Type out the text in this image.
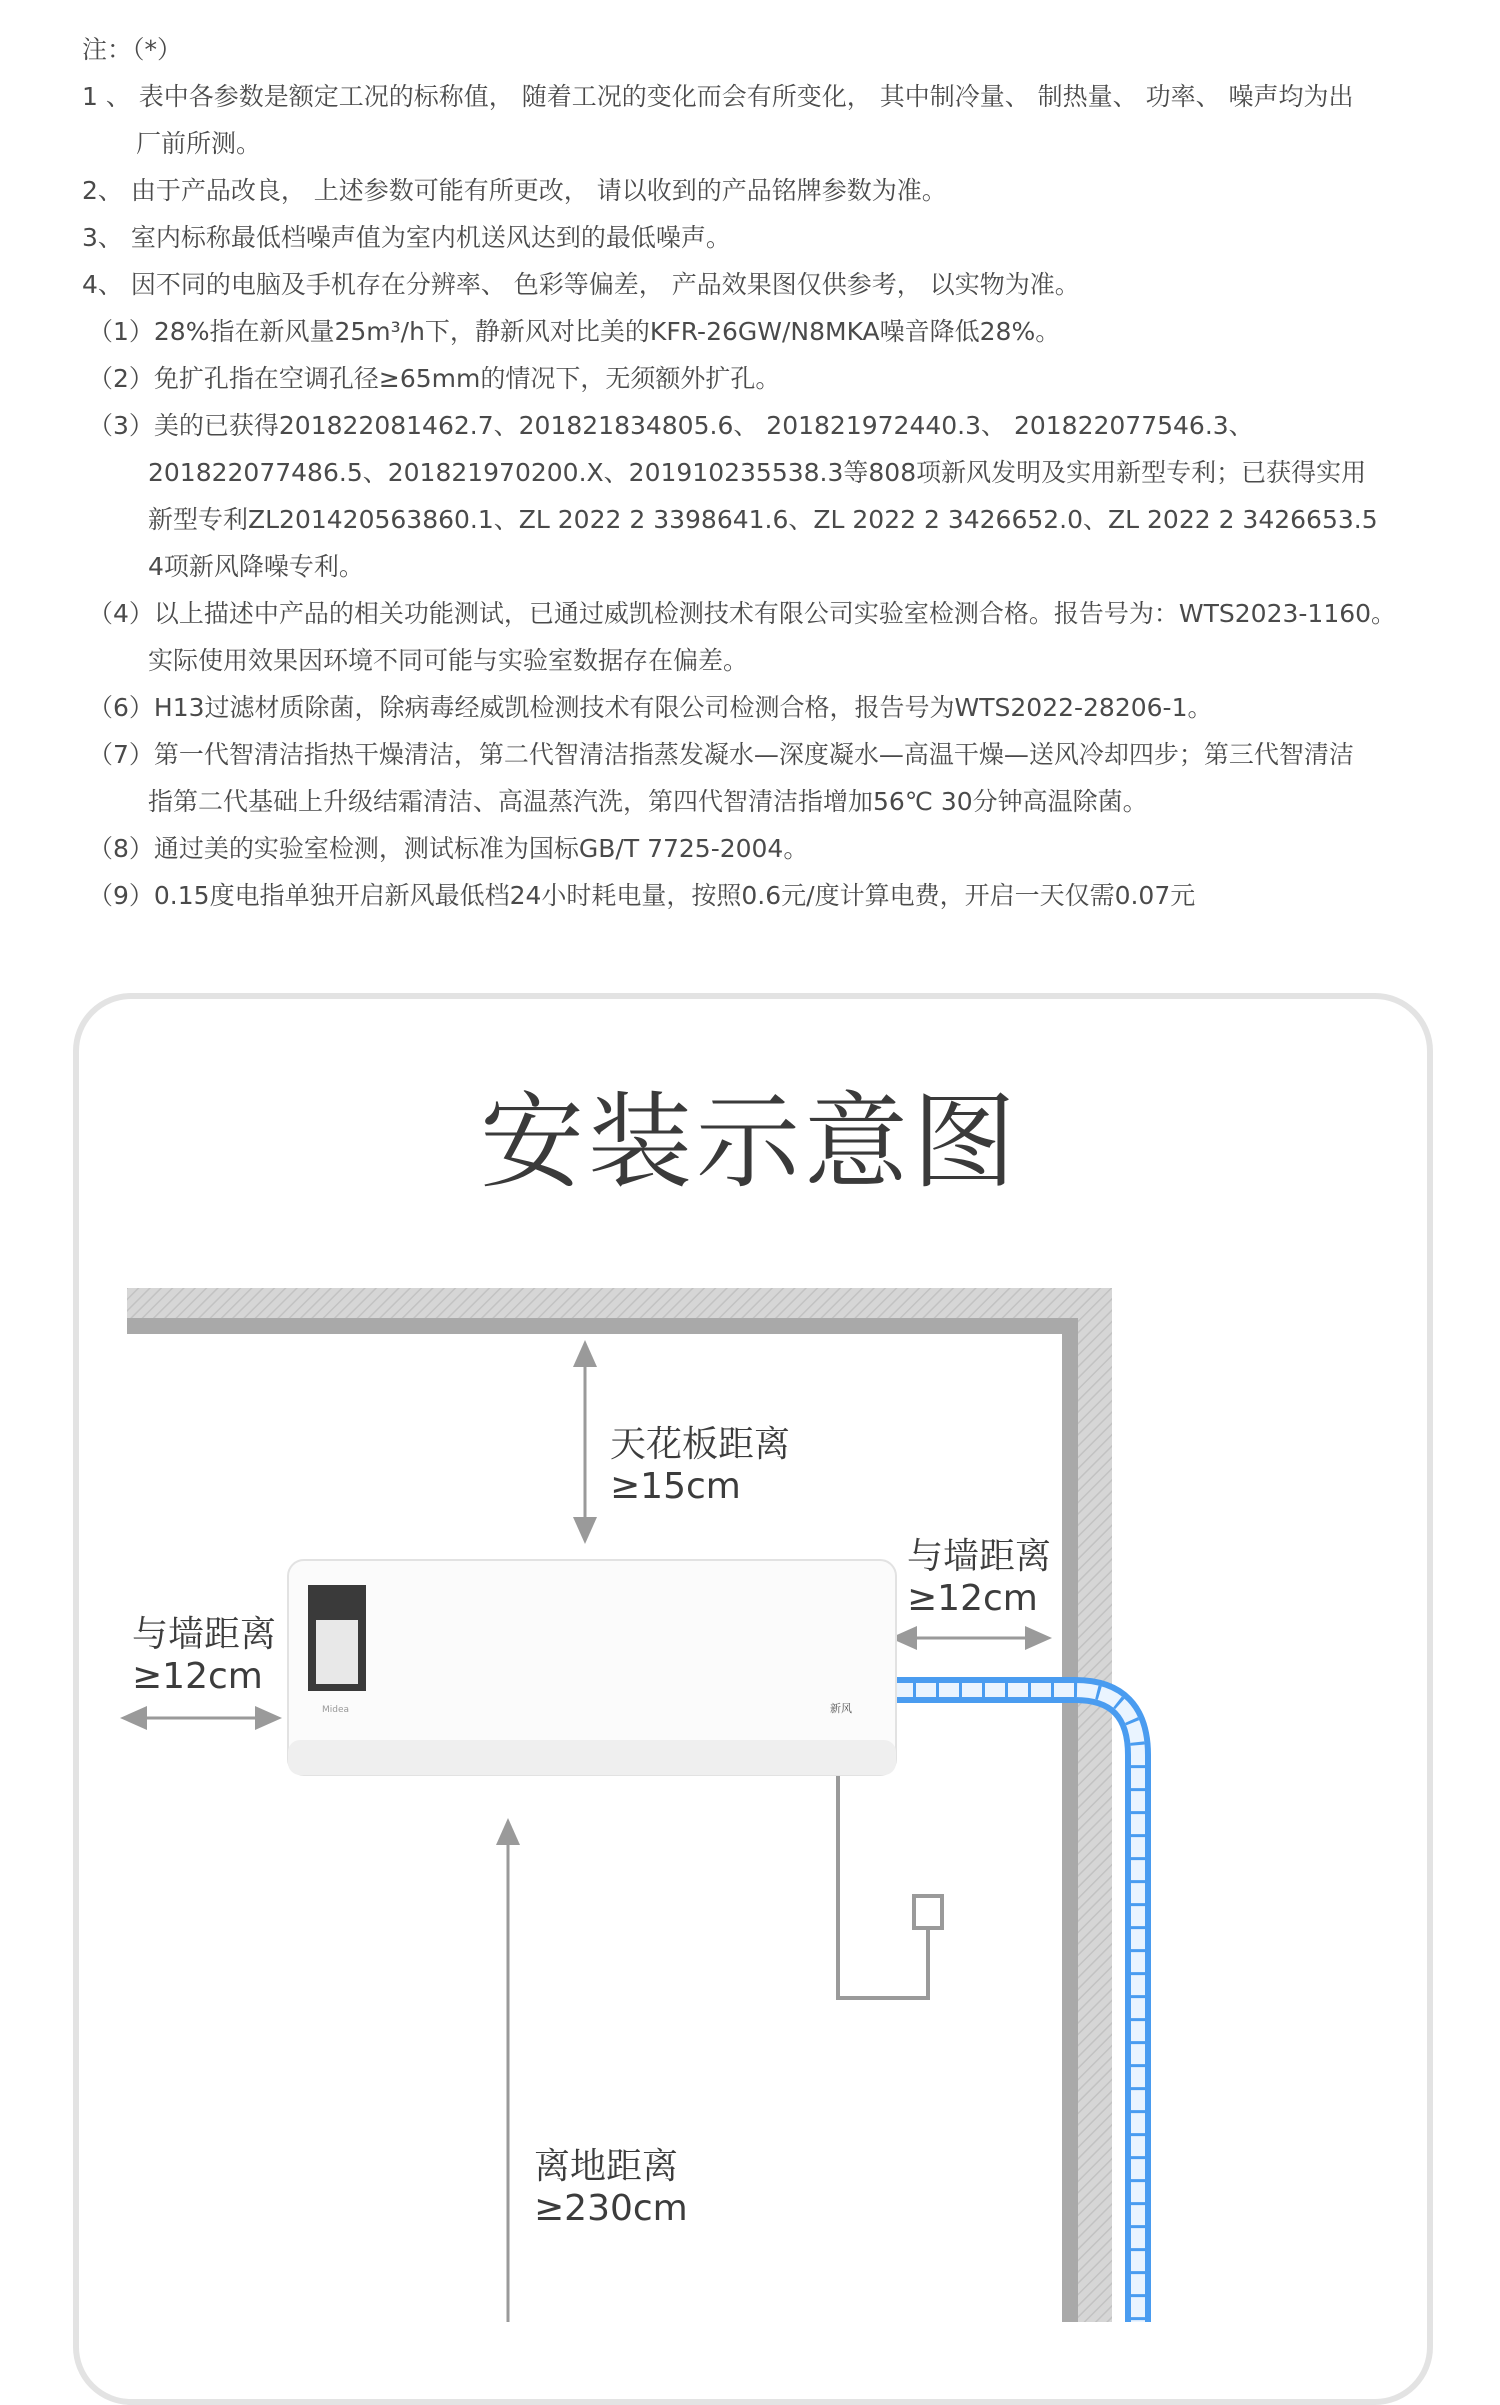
注：（*）
1 、 表中各参数是额定工况的标称值， 随着工况的变化而会有所变化， 其中制冷量、 制热量、 功率、 噪声均为出
厂前所测。
2、 由于产品改良， 上述参数可能有所更改， 请以收到的产品铭牌参数为准。
3、 室内标称最低档噪声值为室内机送风达到的最低噪声。
4、 因不同的电脑及手机存在分辨率、 色彩等偏差， 产品效果图仅供参考， 以实物为准。
（1）28%指在新风量25m³/h下，静新风对比美的KFR-26GW/N8MKA噪音降低28%。
（2）免扩孔指在空调孔径≥65mm的情况下，无须额外扩孔。
（3）美的已获得201822081462.7、201821834805.6、 201821972440.3、 201822077546.3、
201822077486.5、201821970200.X、201910235538.3等808项新风发明及实用新型专利；已获得实用
新型专利ZL201420563860.1、ZL 2022 2 3398641.6、ZL 2022 2 3426652.0、ZL 2022 2 3426653.5
4项新风降噪专利。
（4）以上描述中产品的相关功能测试，已通过威凯检测技术有限公司实验室检测合格。报告号为：WTS2023-1160。
实际使用效果因环境不同可能与实验室数据存在偏差。
（6）H13过滤材质除菌，除病毒经威凯检测技术有限公司检测合格，报告号为WTS2022-28206-1。
（7）第一代智清洁指热干燥清洁，第二代智清洁指蒸发凝水—深度凝水—高温干燥—送风冷却四步；第三代智清洁
指第二代基础上升级结霜清洁、高温蒸汽洗，第四代智清洁指增加56℃ 30分钟高温除菌。
（8）通过美的实验室检测，测试标准为国标GB/T 7725-2004。
（9）0.15度电指单独开启新风最低档24小时耗电量，按照0.6元/度计算电费，开启一天仅需0.07元
安装示意图
Midea	新风
天花板距离
≥15cm
与墙距离
≥12cm
与墙距离
≥12cm
离地距离
≥230cm
